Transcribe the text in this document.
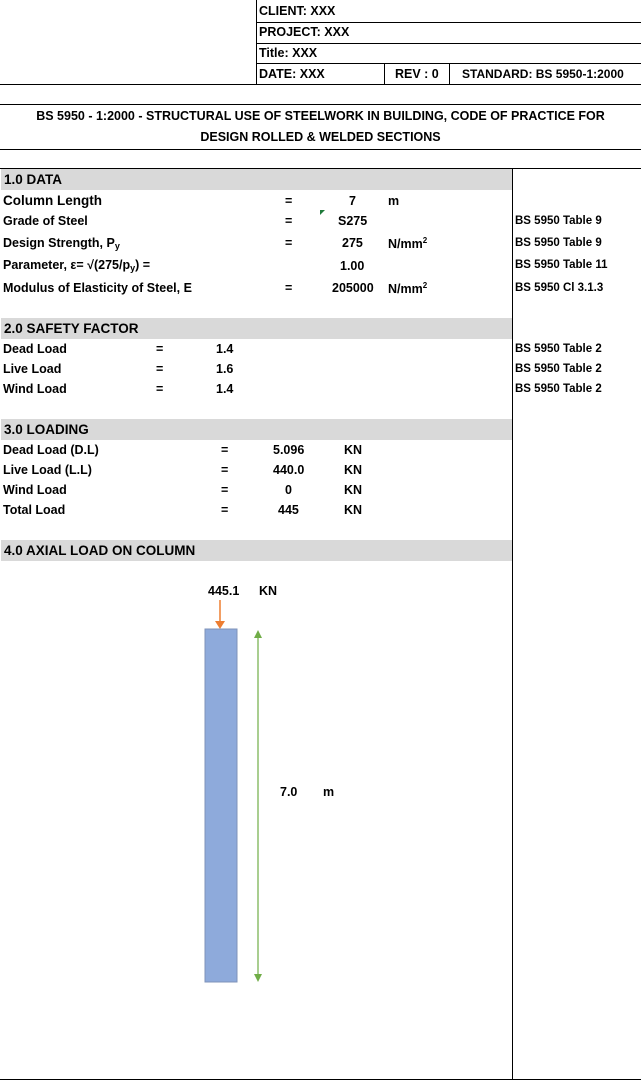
CLIENT: XXX
PROJECT: XXX
Title: XXX
DATE: XXX	REV : 0 STANDARD: BS 5950-1:2000
BS 5950 - 1:2000 - STRUCTURAL USE OF STEELWORK IN BUILDING, CODE OF PRACTICE FOR
DESIGN ROLLED & WELDED SECTIONS
1.0 DATA
Column Length	=	7	m
Grade of Steel	=	S275	BS 5950 Table 9
Design Strength, $P_y$	=	275 $N/mm^2$	BS 5950 Table 9
Parameter, $\varepsilon= √(275/p_y)$ =	1.00	BS 5950 Table 11
Modulus of Elasticity of Steel, E	=	205000 $N/mm^2$	BS 5950 Cl 3.1.3
2.0 SAFETY FACTOR
Dead Load	=	1.4	BS 5950 Table 2
Live Load	=	1.6	BS 5950 Table 2
Wind Load	=	1.4	BS 5950 Table 2
3.0 LOADING
Dead Load (D.L)	=	5.096	KN
Live Load (L.L)	=	440.0	KN
Wind Load	=	0	KN
Total Load	=	445	KN
4.0 AXIAL LOAD ON COLUMN
445.1 KN
7.0 m
